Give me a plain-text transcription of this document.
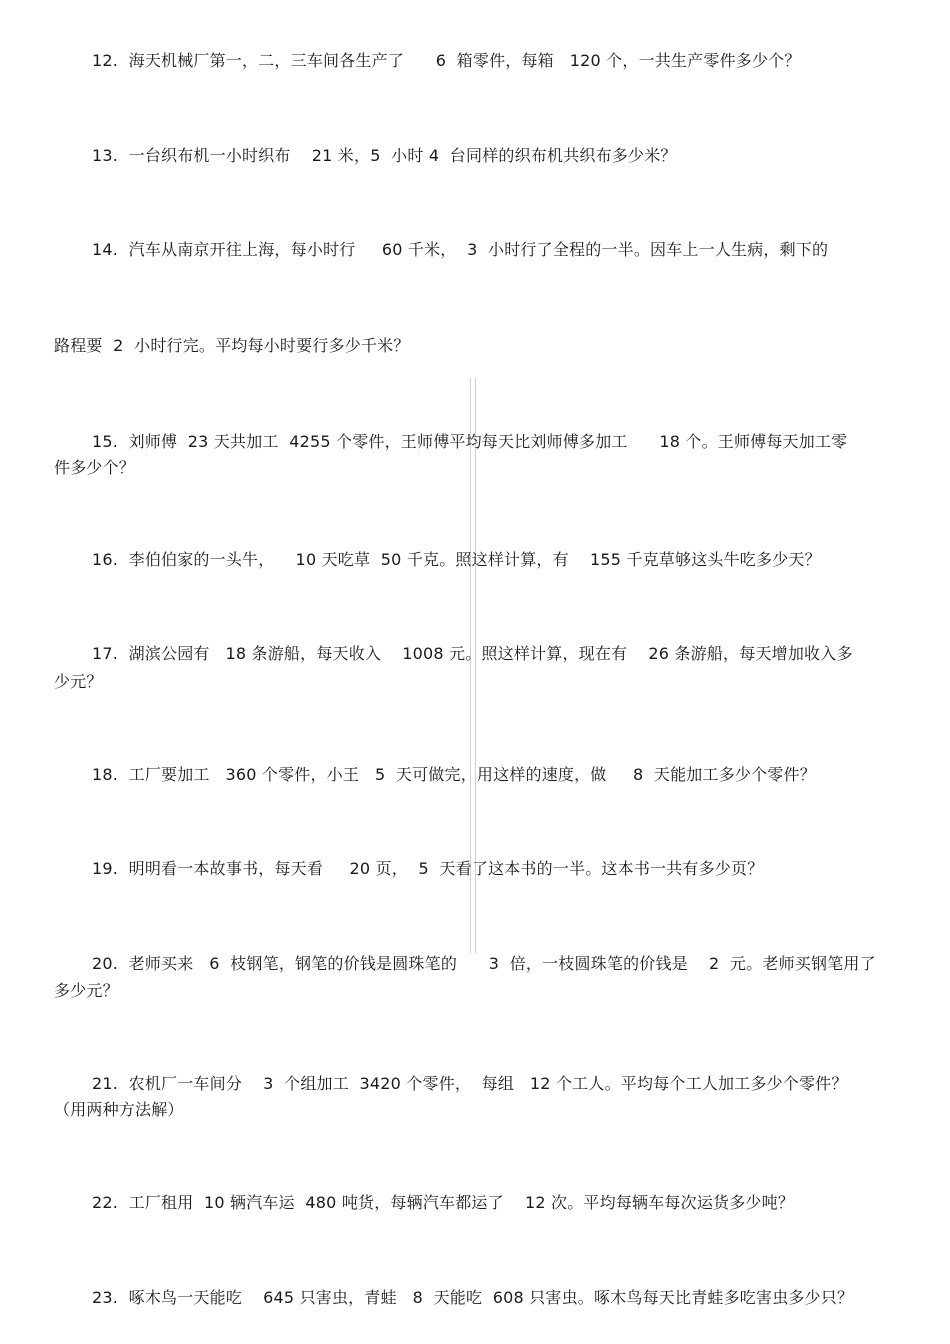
12.  海天机械厂第一，二，三车间各生产了      6  箱零件，每箱   120 个，一共生产零件多少个？
13.  一台织布机一小时织布    21 米，5  小时 4  台同样的织布机共织布多少米？
14.  汽车从南京开往上海，每小时行     60 千米，  3  小时行了全程的一半。因车上一人生病，剩下的
路程要  2  小时行完。平均每小时要行多少千米？
15.  刘师傅  23 天共加工  4255 个零件，王师傅平均每天比刘师傅多加工      18 个。王师傅每天加工零
件多少个？
16.  李伯伯家的一头牛，    10 天吃草  50 千克。照这样计算，有    155 千克草够这头牛吃多少天？
17.  湖滨公园有   18 条游船，每天收入    1008 元。照这样计算，现在有    26 条游船，每天增加收入多
少元？
18.  工厂要加工   360 个零件，小王   5  天可做完，用这样的速度，做     8  天能加工多少个零件？
19.  明明看一本故事书，每天看     20 页，  5  天看了这本书的一半。这本书一共有多少页？
20.  老师买来   6  枝钢笔，钢笔的价钱是圆珠笔的      3  倍，一枝圆珠笔的价钱是    2  元。老师买钢笔用了
多少元？
21.  农机厂一车间分    3  个组加工  3420 个零件，  每组   12 个工人。平均每个工人加工多少个零件？
（用两种方法解）
22.  工厂租用  10 辆汽车运  480 吨货，每辆汽车都运了    12 次。平均每辆车每次运货多少吨？
23.  啄木鸟一天能吃    645 只害虫，青蛙   8  天能吃  608 只害虫。啄木鸟每天比青蛙多吃害虫多少只？
